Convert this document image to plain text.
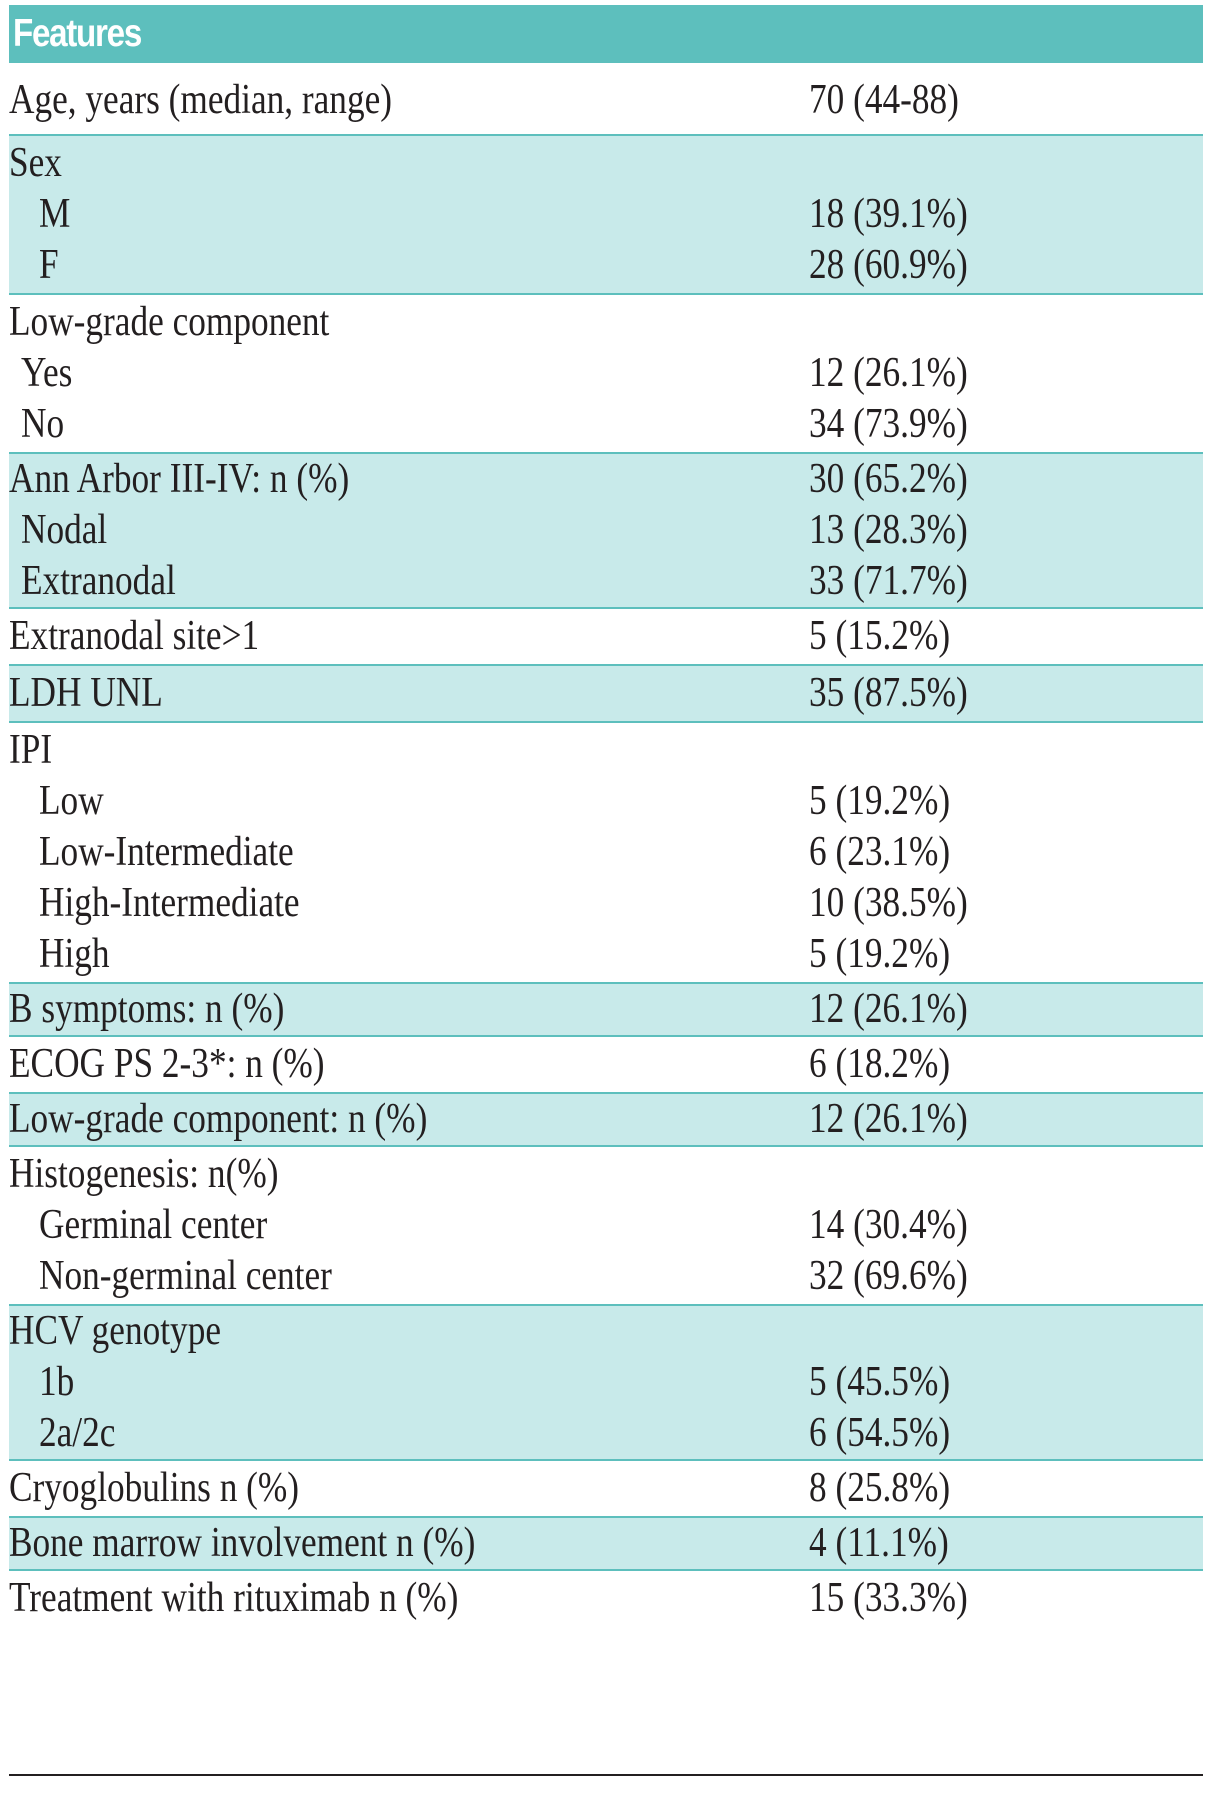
Features
Age, years (median, range)	70 (44-88)
Sex
M	18 (39.1%)
F	28 (60.9%)
Low-grade component
Yes	12 (26.1%)
No	34 (73.9%)
Ann Arbor III-IV: n (%)	30 (65.2%)
Nodal	13 (28.3%)
Extranodal	33 (71.7%)
Extranodal site>1	5 (15.2%)
LDH UNL	35 (87.5%)
IPI
Low	5 (19.2%)
Low-Intermediate	6 (23.1%)
High-Intermediate	10 (38.5%)
High	5 (19.2%)
B symptoms: n (%)	12 (26.1%)
ECOG PS 2-3*: n (%)	6 (18.2%)
Low-grade component: n (%)	12 (26.1%)
Histogenesis: n(%)
Germinal center	14 (30.4%)
Non-germinal center	32 (69.6%)
HCV genotype
1b	5 (45.5%)
2a/2c	6 (54.5%)
Cryoglobulins n (%)	8 (25.8%)
Bone marrow involvement n (%)	4 (11.1%)
Treatment with rituximab n (%)	15 (33.3%)
